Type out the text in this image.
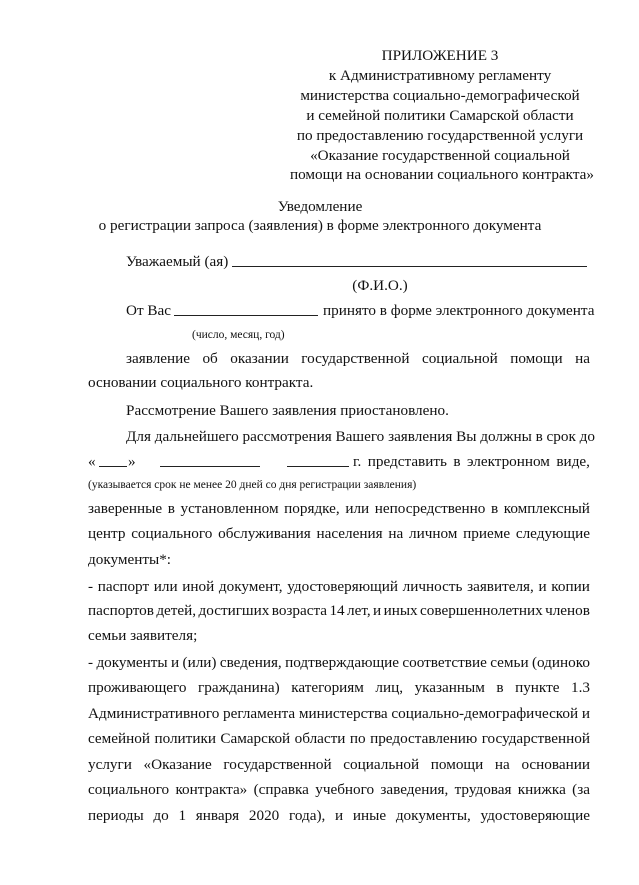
ПРИЛОЖЕНИЕ 3
к Административному регламенту
министерства социально-демографической
и семейной политики Самарской области
по предоставлению государственной услуги
«Оказание государственной социальной
помощи на основании социального контракта»
Уведомление
о регистрации запроса (заявления) в форме электронного документа
Уважаемый (ая)
(Ф.И.О.)
От Вас	принято в форме электронного документа
(число, месяц, год)
заявление об оказании государственной социальной помощи на
основании социального контракта.
Рассмотрение Вашего заявления приостановлено.
Для дальнейшего рассмотрения Вашего заявления Вы должны в срок до
« »	г. представить в электронном виде,
(указывается срок не менее 20 дней со дня регистрации заявления)
заверенные в установленном порядке, или непосредственно в комплексный
центр социального обслуживания населения на личном приеме следующие
документы*:
- паспорт или иной документ, удостоверяющий личность заявителя, и копии
паспортов детей, достигших возраста 14 лет, и иных совершеннолетних членов
семьи заявителя;
- документы и (или) сведения, подтверждающие соответствие семьи (одиноко
проживающего гражданина) категориям лиц, указанным в пункте 1.3
Административного регламента министерства социально-демографической и
семейной политики Самарской области по предоставлению государственной
услуги «Оказание государственной социальной помощи на основании
социального контракта» (справка учебного заведения, трудовая книжка (за
периоды до 1 января 2020 года), и иные документы, удостоверяющие
